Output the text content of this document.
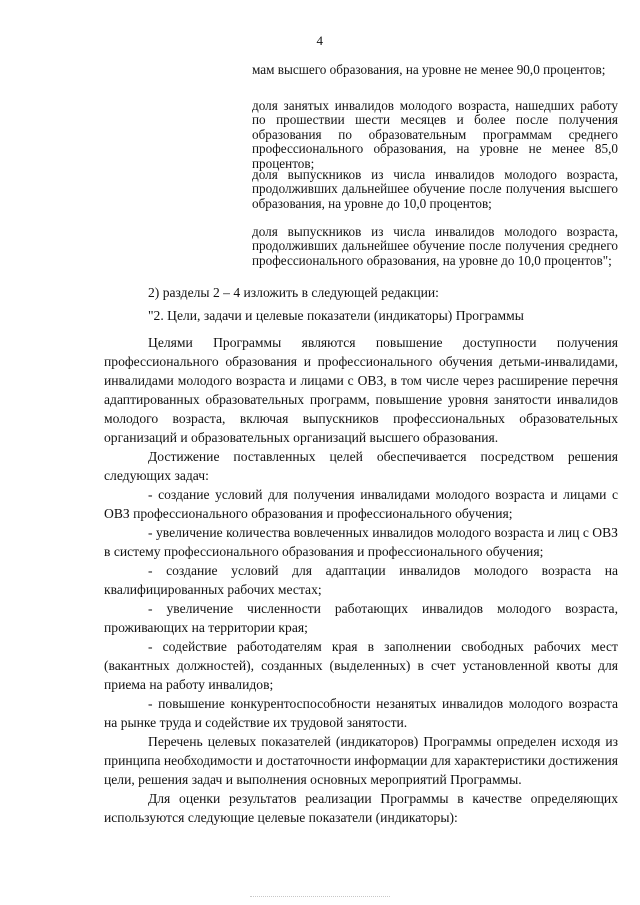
4

мам высшего образования, на уровне не менее 90,0 процентов;

доля занятых инвалидов молодого возраста, нашедших работу по прошествии шести месяцев и более после получения образования по образовательным программам среднего профессионального образования, на уровне не менее 85,0 процентов;

доля выпускников из числа инвалидов молодого возраста, продолживших дальнейшее обучение после получения высшего образования, на уровне до 10,0 процентов;

доля выпускников из числа инвалидов молодого возраста, продолживших дальнейшее обучение после получения среднего профессионального образования, на уровне до 10,0 процентов";

2) разделы 2 – 4 изложить в следующей редакции:

"2. Цели, задачи и целевые показатели (индикаторы) Программы

Целями Программы являются повышение доступности получения профессионального образования и профессионального обучения детьми-инвалидами, инвалидами молодого возраста и лицами с ОВЗ, в том числе через расширение перечня адаптированных образовательных программ, повышение уровня занятости инвалидов молодого возраста, включая выпускников профессиональных образовательных организаций и образовательных организаций высшего образования.

Достижение поставленных целей обеспечивается посредством решения следующих задач:

- создание условий для получения инвалидами молодого возраста и лицами с ОВЗ профессионального образования и профессионального обучения;

- увеличение количества вовлеченных инвалидов молодого возраста и лиц с ОВЗ в систему профессионального образования и профессионального обучения;

- создание условий для адаптации инвалидов молодого возраста на квалифицированных рабочих местах;

- увеличение численности работающих инвалидов молодого возраста, проживающих на территории края;

- содействие работодателям края в заполнении свободных рабочих мест (вакантных должностей), созданных (выделенных) в счет установленной квоты для приема на работу инвалидов;

- повышение конкурентоспособности незанятых инвалидов молодого возраста на рынке труда и содействие их трудовой занятости.

Перечень целевых показателей (индикаторов) Программы определен исходя из принципа необходимости и достаточности информации для характеристики достижения цели, решения задач и выполнения основных мероприятий Программы.

Для оценки результатов реализации Программы в качестве определяющих используются следующие целевые показатели (индикаторы):
